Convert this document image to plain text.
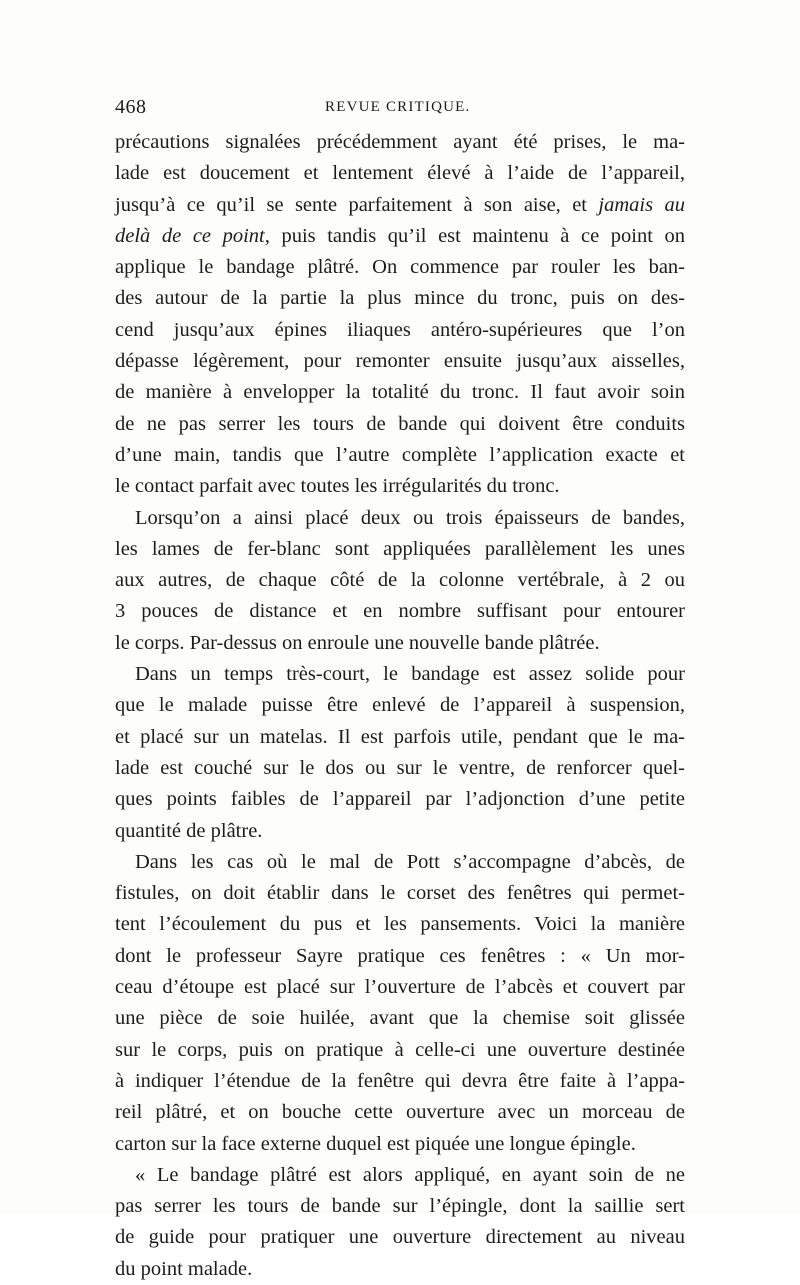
468	REVUE CRITIQUE.
précautions signalées précédemment ayant été prises, le ma-
lade est doucement et lentement élevé à l’aide de l’appareil,
jusqu’à ce qu’il se sente parfaitement à son aise, et jamais au
delà de ce point, puis tandis qu’il est maintenu à ce point on
applique le bandage plâtré. On commence par rouler les ban-
des autour de la partie la plus mince du tronc, puis on des-
cend jusqu’aux épines iliaques antéro-supérieures que l’on
dépasse légèrement, pour remonter ensuite jusqu’aux aisselles,
de manière à envelopper la totalité du tronc. Il faut avoir soin
de ne pas serrer les tours de bande qui doivent être conduits
d’une main, tandis que l’autre complète l’application exacte et
le contact parfait avec toutes les irrégularités du tronc.
Lorsqu’on a ainsi placé deux ou trois épaisseurs de bandes,
les lames de fer-blanc sont appliquées parallèlement les unes
aux autres, de chaque côté de la colonne vertébrale, à 2 ou
3 pouces de distance et en nombre suffisant pour entourer
le corps. Par-dessus on enroule une nouvelle bande plâtrée.
Dans un temps très-court, le bandage est assez solide pour
que le malade puisse être enlevé de l’appareil à suspension,
et placé sur un matelas. Il est parfois utile, pendant que le ma-
lade est couché sur le dos ou sur le ventre, de renforcer quel-
ques points faibles de l’appareil par l’adjonction d’une petite
quantité de plâtre.
Dans les cas où le mal de Pott s’accompagne d’abcès, de
fistules, on doit établir dans le corset des fenêtres qui permet-
tent l’écoulement du pus et les pansements. Voici la manière
dont le professeur Sayre pratique ces fenêtres : « Un mor-
ceau d’étoupe est placé sur l’ouverture de l’abcès et couvert par
une pièce de soie huilée, avant que la chemise soit glissée
sur le corps, puis on pratique à celle-ci une ouverture destinée
à indiquer l’étendue de la fenêtre qui devra être faite à l’appa-
reil plâtré, et on bouche cette ouverture avec un morceau de
carton sur la face externe duquel est piquée une longue épingle.
« Le bandage plâtré est alors appliqué, en ayant soin de ne
pas serrer les tours de bande sur l’épingle, dont la saillie sert
de guide pour pratiquer une ouverture directement au niveau
du point malade.
